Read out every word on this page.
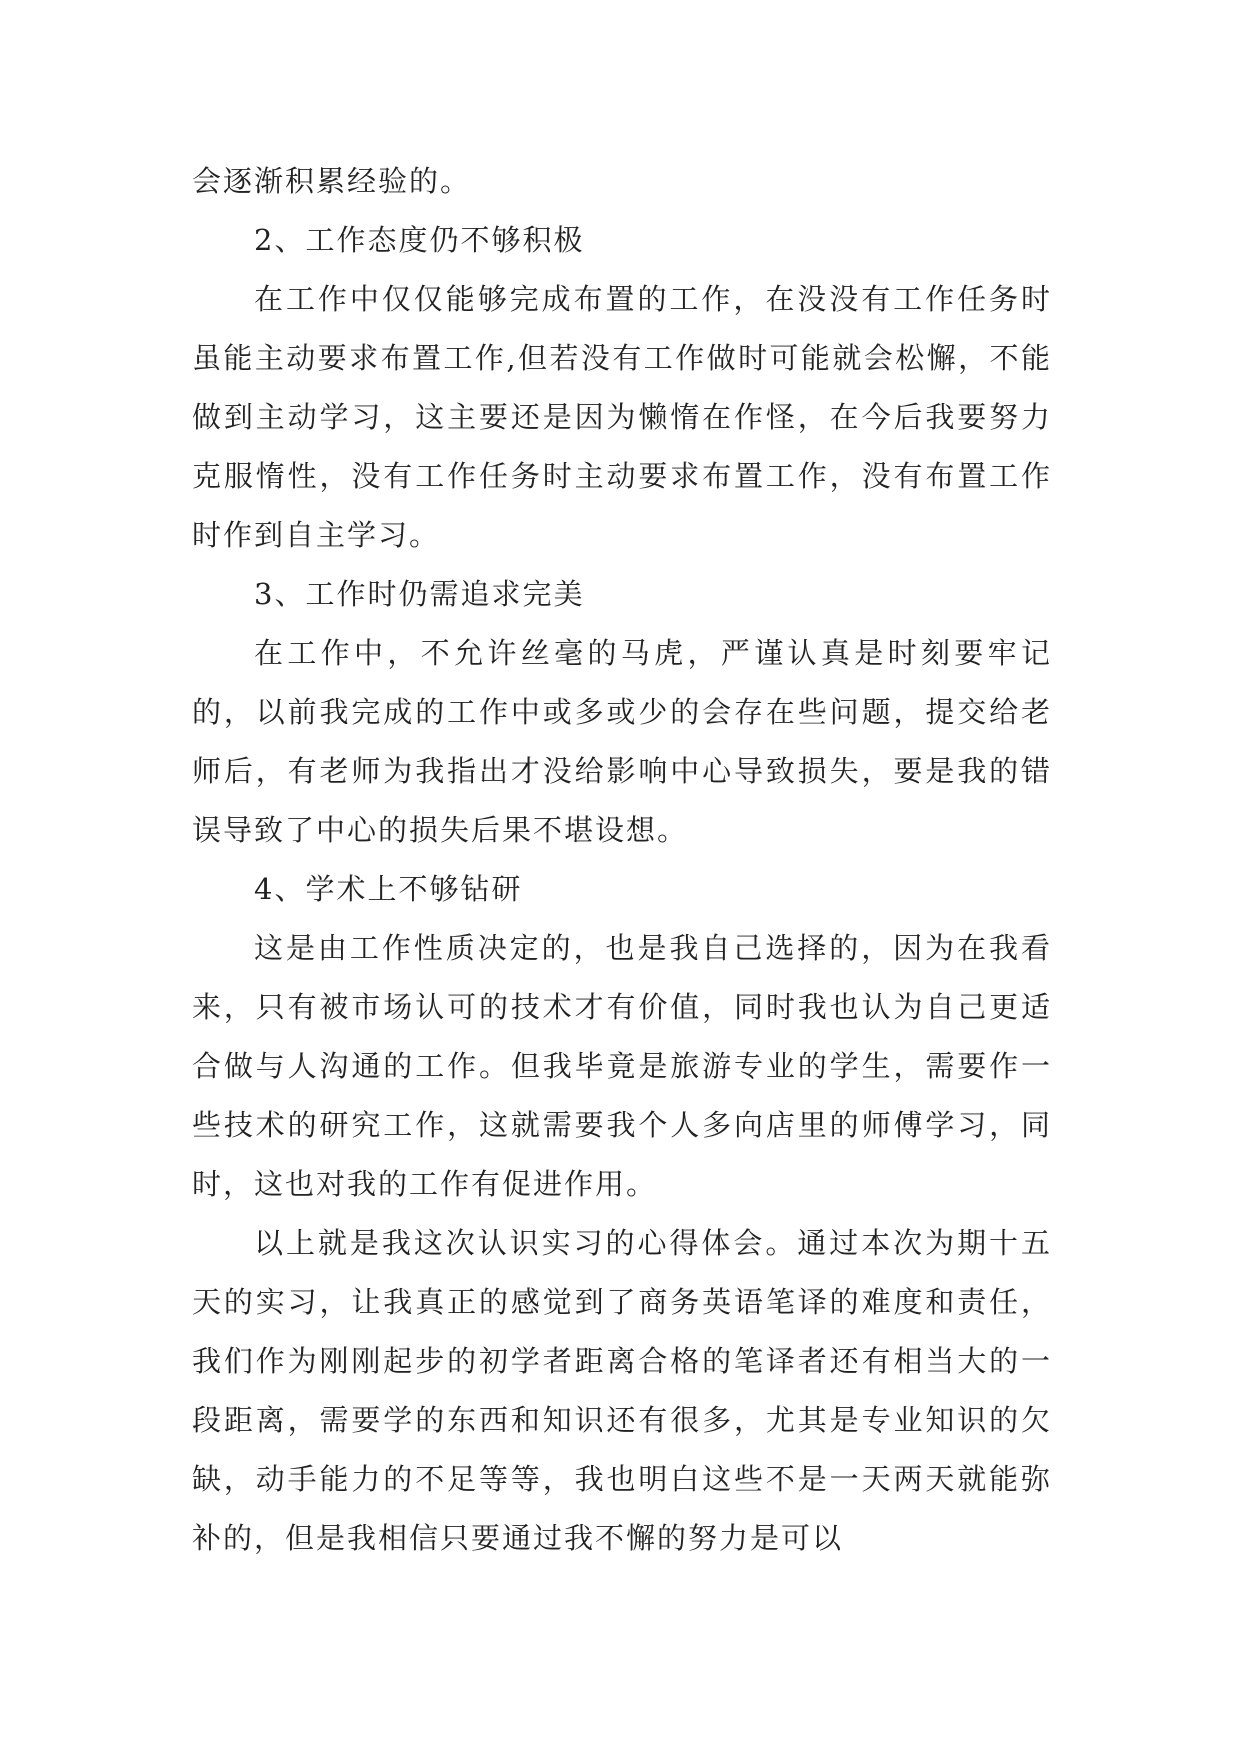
会逐渐积累经验的。

2、工作态度仍不够积极

在工作中仅仅能够完成布置的工作，在没没有工作任务时虽能主动要求布置工作,但若没有工作做时可能就会松懈，不能做到主动学习，这主要还是因为懒惰在作怪，在今后我要努力克服惰性，没有工作任务时主动要求布置工作，没有布置工作时作到自主学习。

3、工作时仍需追求完美

在工作中，不允许丝毫的马虎，严谨认真是时刻要牢记的，以前我完成的工作中或多或少的会存在些问题，提交给老师后，有老师为我指出才没给影响中心导致损失，要是我的错误导致了中心的损失后果不堪设想。

4、学术上不够钻研

这是由工作性质决定的，也是我自己选择的，因为在我看来，只有被市场认可的技术才有价值，同时我也认为自己更适合做与人沟通的工作。但我毕竟是旅游专业的学生，需要作一些技术的研究工作，这就需要我个人多向店里的师傅学习，同时，这也对我的工作有促进作用。

以上就是我这次认识实习的心得体会。通过本次为期十五天的实习，让我真正的感觉到了商务英语笔译的难度和责任，我们作为刚刚起步的初学者距离合格的笔译者还有相当大的一段距离，需要学的东西和知识还有很多，尤其是专业知识的欠缺，动手能力的不足等等，我也明白这些不是一天两天就能弥补的，但是我相信只要通过我不懈的努力是可以
